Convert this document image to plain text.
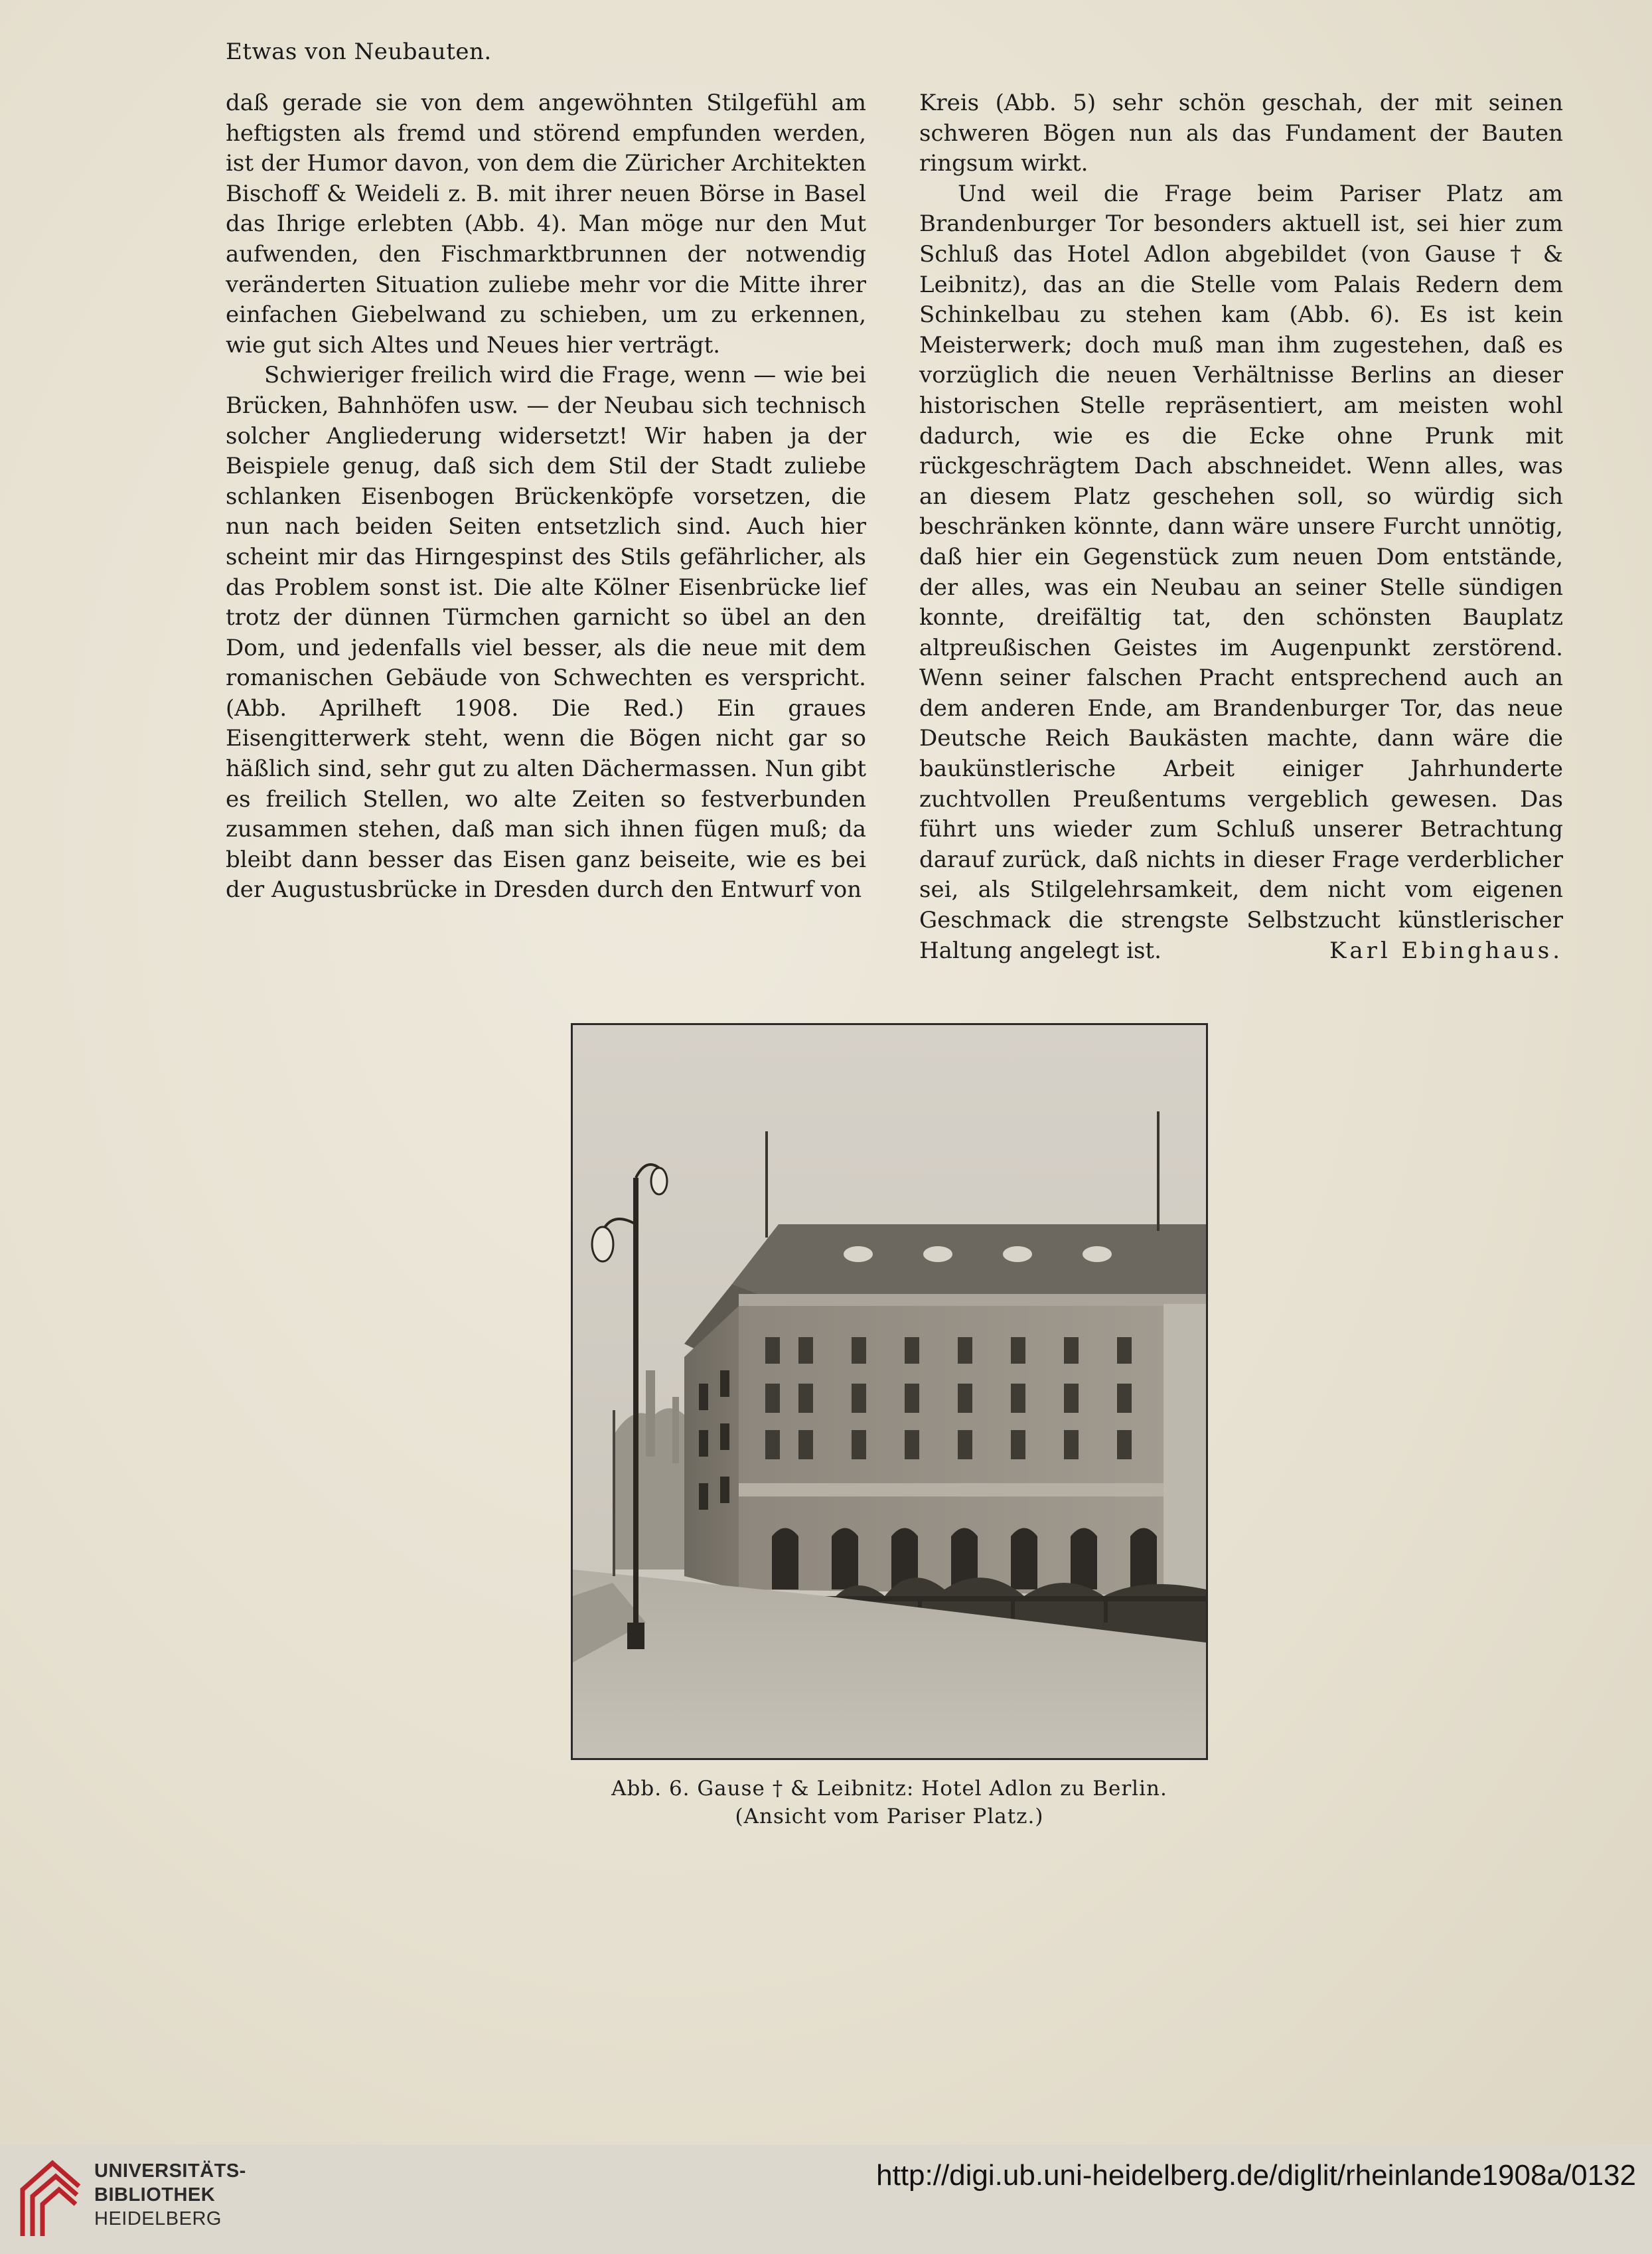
Etwas von Neubauten.

daß gerade sie von dem angewöhnten Stilgefühl am heftigsten als fremd und störend empfunden werden, ist der Humor davon, von dem die Züricher Architekten Bischoff & Weideli z. B. mit ihrer neuen Börse in Basel das Ihrige erlebten (Abb. 4). Man möge nur den Mut aufwenden, den Fischmarktbrunnen der notwendig veränderten Situation zuliebe mehr vor die Mitte ihrer einfachen Giebelwand zu schieben, um zu erkennen, wie gut sich Altes und Neues hier verträgt.

Schwieriger freilich wird die Frage, wenn — wie bei Brücken, Bahnhöfen usw. — der Neubau sich technisch solcher Angliederung widersetzt! Wir haben ja der Beispiele genug, daß sich dem Stil der Stadt zuliebe schlanken Eisenbogen Brückenköpfe vorsetzen, die nun nach beiden Seiten entsetzlich sind. Auch hier scheint mir das Hirngespinst des Stils gefährlicher, als das Problem sonst ist. Die alte Kölner Eisenbrücke lief trotz der dünnen Türmchen garnicht so übel an den Dom, und jedenfalls viel besser, als die neue mit dem romanischen Gebäude von Schwechten es verspricht. (Abb. Aprilheft 1908. Die Red.) Ein graues Eisengitterwerk steht, wenn die Bögen nicht gar so häßlich sind, sehr gut zu alten Dächermassen. Nun gibt es freilich Stellen, wo alte Zeiten so festverbunden zusammen stehen, daß man sich ihnen fügen muß; da bleibt dann besser das Eisen ganz beiseite, wie es bei der Augustusbrücke in Dresden durch den Entwurf von

Kreis (Abb. 5) sehr schön geschah, der mit seinen schweren Bögen nun als das Fundament der Bauten ringsum wirkt.

Und weil die Frage beim Pariser Platz am Brandenburger Tor besonders aktuell ist, sei hier zum Schluß das Hotel Adlon abgebildet (von Gause † & Leibnitz), das an die Stelle vom Palais Redern dem Schinkelbau zu stehen kam (Abb. 6). Es ist kein Meisterwerk; doch muß man ihm zugestehen, daß es vorzüglich die neuen Verhältnisse Berlins an dieser historischen Stelle repräsentiert, am meisten wohl dadurch, wie es die Ecke ohne Prunk mit rückgeschrägtem Dach abschneidet. Wenn alles, was an diesem Platz geschehen soll, so würdig sich beschränken könnte, dann wäre unsere Furcht unnötig, daß hier ein Gegenstück zum neuen Dom entstände, der alles, was ein Neubau an seiner Stelle sündigen konnte, dreifältig tat, den schönsten Bauplatz altpreußischen Geistes im Augenpunkt zerstörend. Wenn seiner falschen Pracht entsprechend auch an dem anderen Ende, am Brandenburger Tor, das neue Deutsche Reich Baukästen machte, dann wäre die baukünstlerische Arbeit einiger Jahrhunderte zuchtvollen Preußentums vergeblich gewesen. Das führt uns wieder zum Schluß unserer Betrachtung darauf zurück, daß nichts in dieser Frage verderblicher sei, als Stilgelehrsamkeit, dem nicht vom eigenen Geschmack die strengste Selbstzucht künstlerischer Haltung angelegt ist.	Karl Ebinghaus.

Abb. 6. Gause † & Leibnitz: Hotel Adlon zu Berlin.
(Ansicht vom Pariser Platz.)
UNIVERSITÄTS-
BIBLIOTHEK
HEIDELBERG
http://digi.ub.uni-heidelberg.de/diglit/rheinlande1908a/0132
